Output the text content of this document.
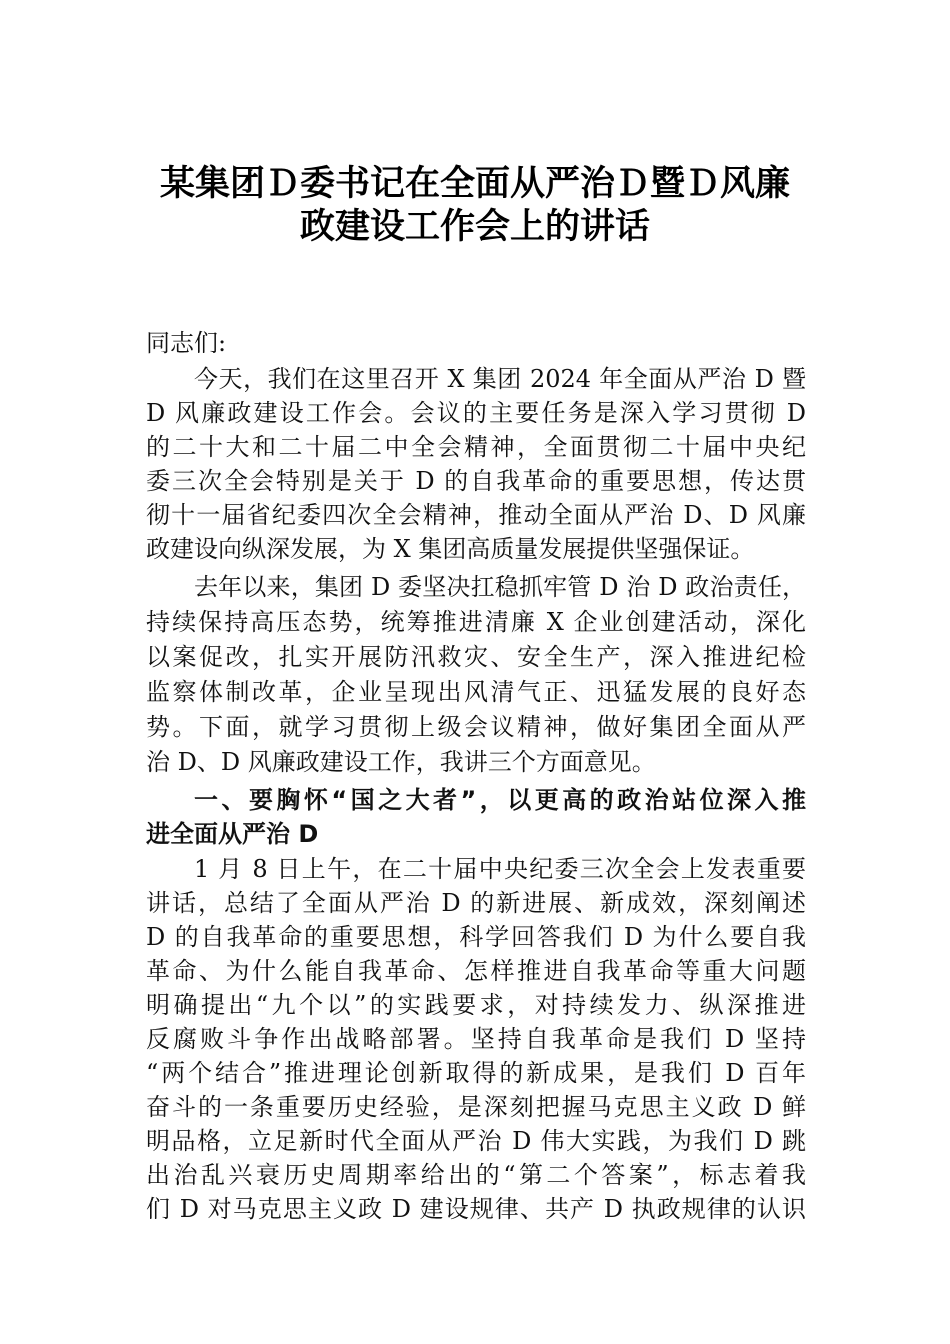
某集团Ｄ委书记在全面从严治Ｄ暨Ｄ风廉
政建设工作会上的讲话
同志们:
今天，我们在这里召开 X 集团 2024 年全面从严治 D 暨
D 风廉政建设工作会。会议的主要任务是深入学习贯彻 D
的二十大和二十届二中全会精神，全面贯彻二十届中央纪
委三次全会特别是关于 D 的自我革命的重要思想，传达贯
彻十一届省纪委四次全会精神，推动全面从严治 D、D 风廉
政建设向纵深发展，为 X 集团高质量发展提供坚强保证。
去年以来，集团 D 委坚决扛稳抓牢管 D 治 D 政治责任，
持续保持高压态势，统筹推进清廉 X 企业创建活动，深化
以案促改，扎实开展防汛救灾、安全生产，深入推进纪检
监察体制改革，企业呈现出风清气正、迅猛发展的良好态
势。下面，就学习贯彻上级会议精神，做好集团全面从严
治 D、D 风廉政建设工作，我讲三个方面意见。
一、要胸怀“国之大者”，以更高的政治站位深入推
进全面从严治 D
1 月 8 日上午，在二十届中央纪委三次全会上发表重要
讲话，总结了全面从严治 D 的新进展、新成效，深刻阐述
D 的自我革命的重要思想，科学回答我们 D 为什么要自我
革命、为什么能自我革命、怎样推进自我革命等重大问题
明确提出“九个以”的实践要求，对持续发力、纵深推进
反腐败斗争作出战略部署。坚持自我革命是我们 D 坚持
“两个结合”推进理论创新取得的新成果，是我们 D 百年
奋斗的一条重要历史经验，是深刻把握马克思主义政 D 鲜
明品格，立足新时代全面从严治 D 伟大实践，为我们 D 跳
出治乱兴衰历史周期率给出的“第二个答案”，标志着我
们 D 对马克思主义政 D 建设规律、共产 D 执政规律的认识
